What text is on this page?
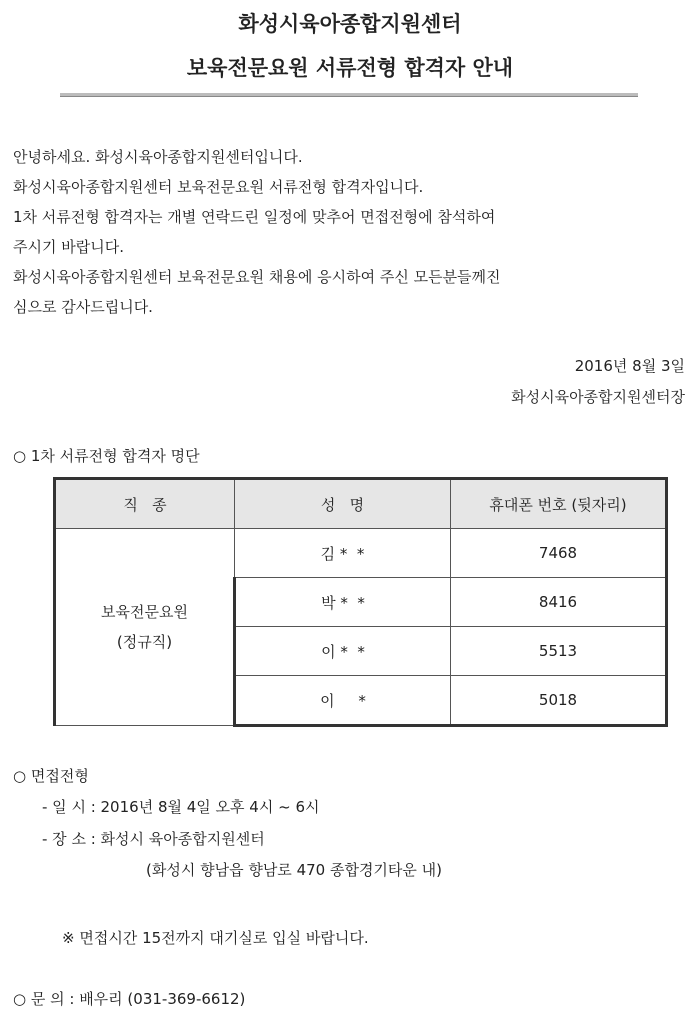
화성시육아종합지원센터
보육전문요원 서류전형 합격자 안내
안녕하세요. 화성시육아종합지원센터입니다.
화성시육아종합지원센터 보육전문요원 서류전형 합격자입니다.
1차 서류전형 합격자는 개별 연락드린 일정에 맞추어 면접전형에 참석하여
주시기 바랍니다.
화성시육아종합지원센터 보육전문요원 채용에 응시하여 주신 모든분들께진
심으로 감사드립니다.
2016년 8월 3일
화성시육아종합지원센터장
○ 1차 서류전형 합격자 명단
직   종	성   명	휴대폰 번호 (뒷자리)

보육전문요원
(정규직)	김 *  *	7468
	박 *  *	8416
	이 *  *	5513
	이     *	5018
○ 면접전형
- 일 시 : 2016년 8월 4일 오후 4시 ~ 6시
- 장 소 : 화성시 육아종합지원센터
(화성시 향남읍 향남로 470 종합경기타운 내)
※ 면접시간 15전까지 대기실로 입실 바랍니다.
○ 문 의 : 배우리 (031-369-6612)
